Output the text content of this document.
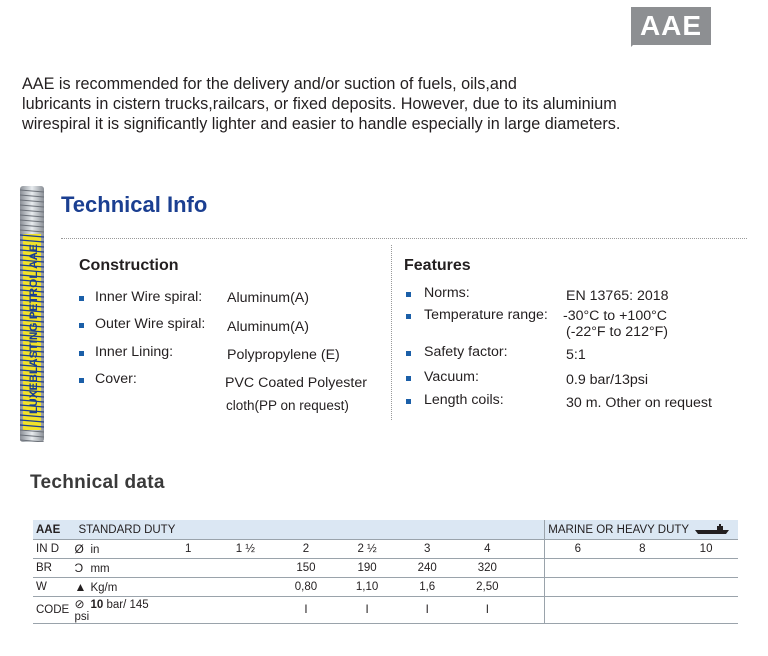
AAE

AAE is recommended for the delivery and/or suction of fuels, oils,and
lubricants in cistern trucks,railcars, or fixed deposits. However, due to its aluminium
wirespiral it is significantly lighter and easier to handle especially in large diameters.

LUXEBLASTING PETROL AAE
Technical Info
Construction
Inner Wire spiral: Aluminum(A)
Outer Wire spiral: Aluminum(A)
Inner Lining:	Polypropylene (E)
Cover:	PVC Coated Polyester
cloth(PP on request)
Features
Norms:	EN 13765: 2018
Temperature range: -30°C to +100°C
(-22°F to 212°F)
Safety factor:	5:1
Vacuum:	0.9 bar/13psi
Length coils:	30 m. Other on request
Technical data
AAE	STANDARD DUTY								MARINE OR HEAVY DUTY		
IN D	Ø in	1	1 ½	2	2 ½	3	4		6	8	10
BR	Ɔ mm			150	190	240	320				
W	▲ Kg/m			0,80	1,10	1,6	2,50				
CODE	⊘ 10 bar/ 145 psi			I	I	I	I				
